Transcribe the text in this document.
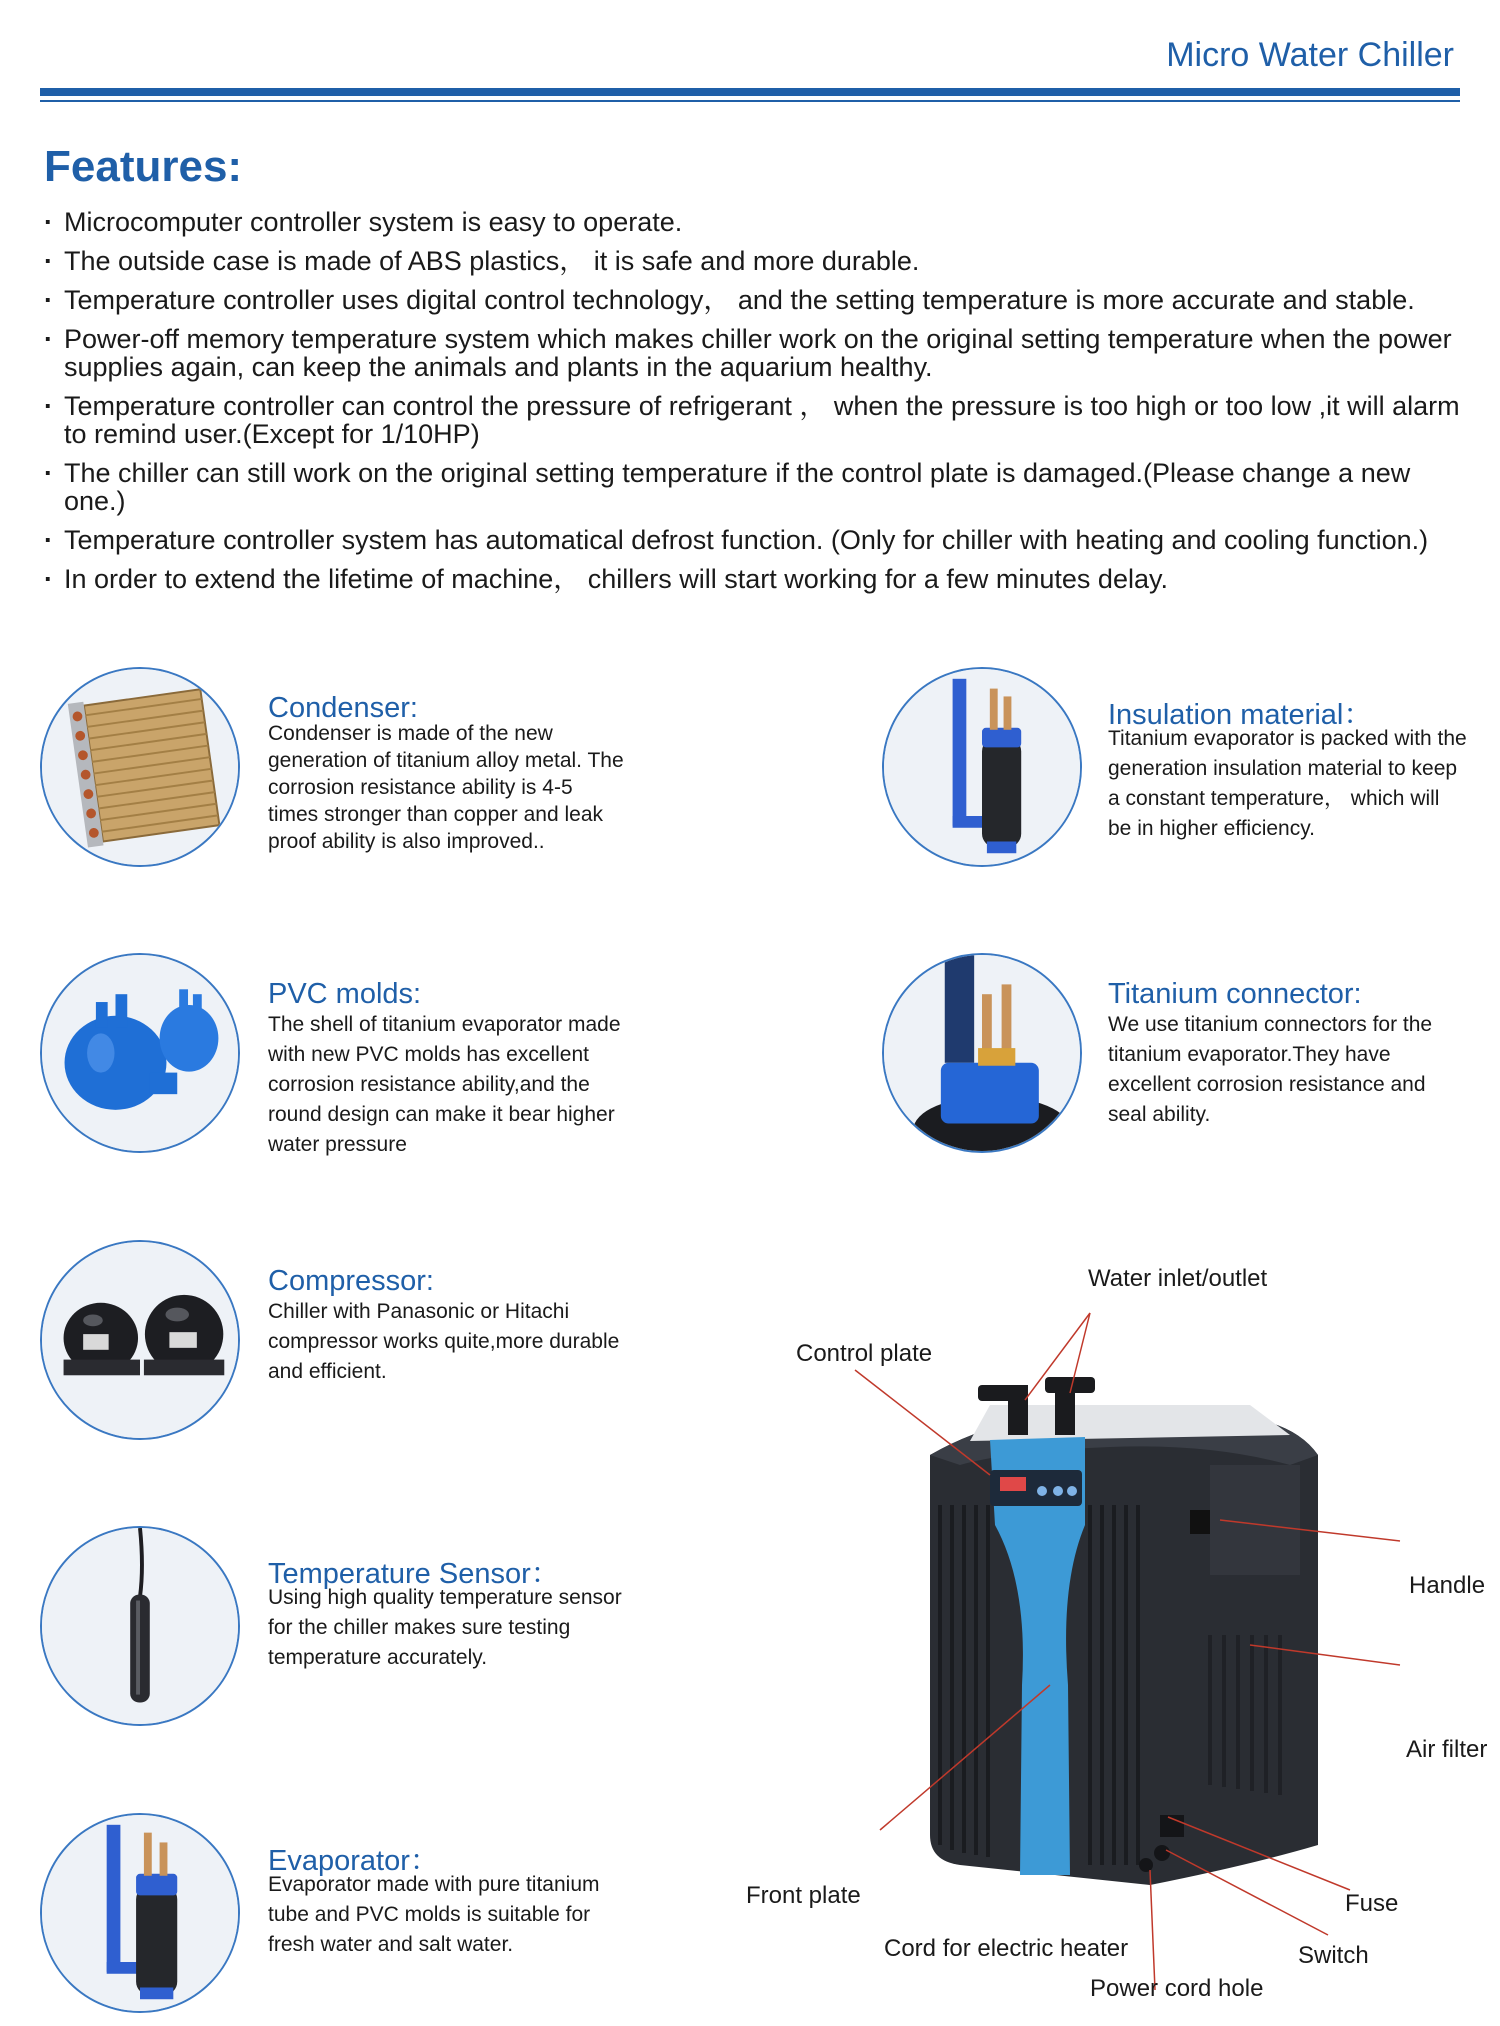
Micro Water Chiller
Features:
· Microcomputer controller system is easy to operate.
· The outside case is made of ABS plastics， it is safe and more durable.
· Temperature controller uses digital control technology， and the setting temperature is more accurate and stable.
· Power-off memory temperature system which makes chiller work on the original setting temperature when the power supplies again, can keep the animals and plants in the aquarium healthy.
· Temperature controller can control the pressure of refrigerant ， when the pressure is too high or too low ,it will alarm to remind user.(Except for 1/10HP)
· The chiller can still work on the original setting temperature if the control plate is damaged.(Please change a new one.)
· Temperature controller system has automatical defrost function. (Only for chiller with heating and cooling function.)
· In order to extend the lifetime of machine， chillers will start working for a few minutes delay.
Condenser:
Condenser is made of the new generation of titanium alloy metal. The corrosion resistance ability is 4-5 times stronger than copper and leak proof ability is also improved..
Insulation material：
Titanium evaporator is packed with the generation insulation material to keep a constant temperature， which will be in higher efficiency.
PVC molds:
The shell of titanium evaporator made with new PVC molds has excellent corrosion resistance ability,and the round design can make it bear higher water pressure
Titanium connector:
We use titanium connectors for the titanium evaporator.They have excellent corrosion resistance and seal ability.
Compressor:
Chiller with Panasonic or Hitachi compressor works quite,more durable and efficient.
Temperature Sensor：
Using high quality temperature sensor for the chiller makes sure testing temperature accurately.
Evaporator：
Evaporator made with pure titanium tube and PVC molds is suitable for fresh water and salt water.
Water inlet/outlet
Control plate
Handle
Air filter
Front plate	Fuse
Cord for electric heater	Switch
Power cord hole
